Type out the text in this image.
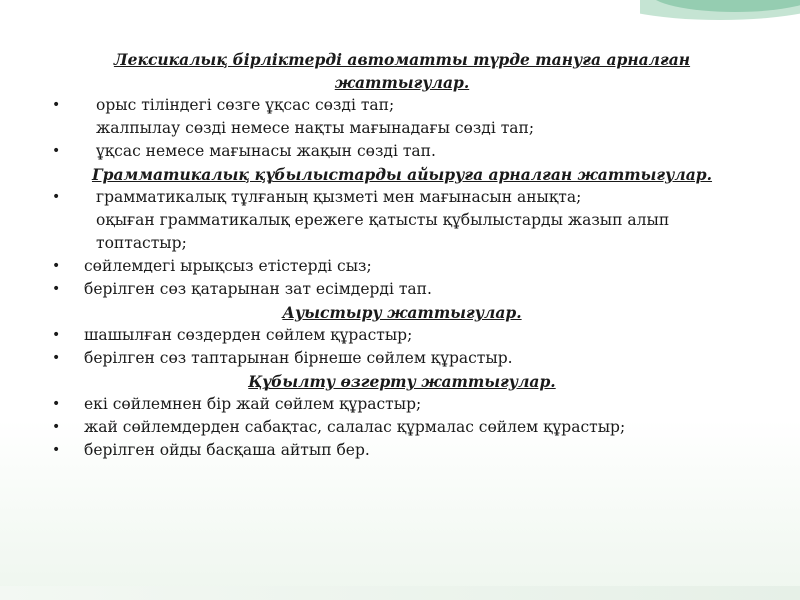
Лексикалық бірліктерді автоматты түрде тануға арналған жаттығулар.

• орыс тіліндегі сөзге ұқсас сөзді тап;

жалпылау сөзді немесе нақты мағынадағы сөзді тап;

• ұқсас немесе мағынасы жақын сөзді тап.

Грамматикалық құбылыстарды айыруға арналған жаттығулар.

• грамматикалық тұлғаның қызметі мен мағынасын анықта;

оқыған грамматикалық ережеге қатысты құбылыстарды жазып алып топтастыр;

• сөйлемдегі ырықсыз етістерді сыз;

• берілген сөз қатарынан зат есімдерді тап.

Ауыстыру жаттығулар.

• шашылған сөздерден сөйлем құрастыр;

• берілген сөз таптарынан бірнеше сөйлем құрастыр.

Құбылту өзгерту жаттығулар.

• екі сөйлемнен бір жай сөйлем құрастыр;

• жай сөйлемдерден сабақтас, салалас құрмалас сөйлем құрастыр;

• берілген ойды басқаша айтып бер.
